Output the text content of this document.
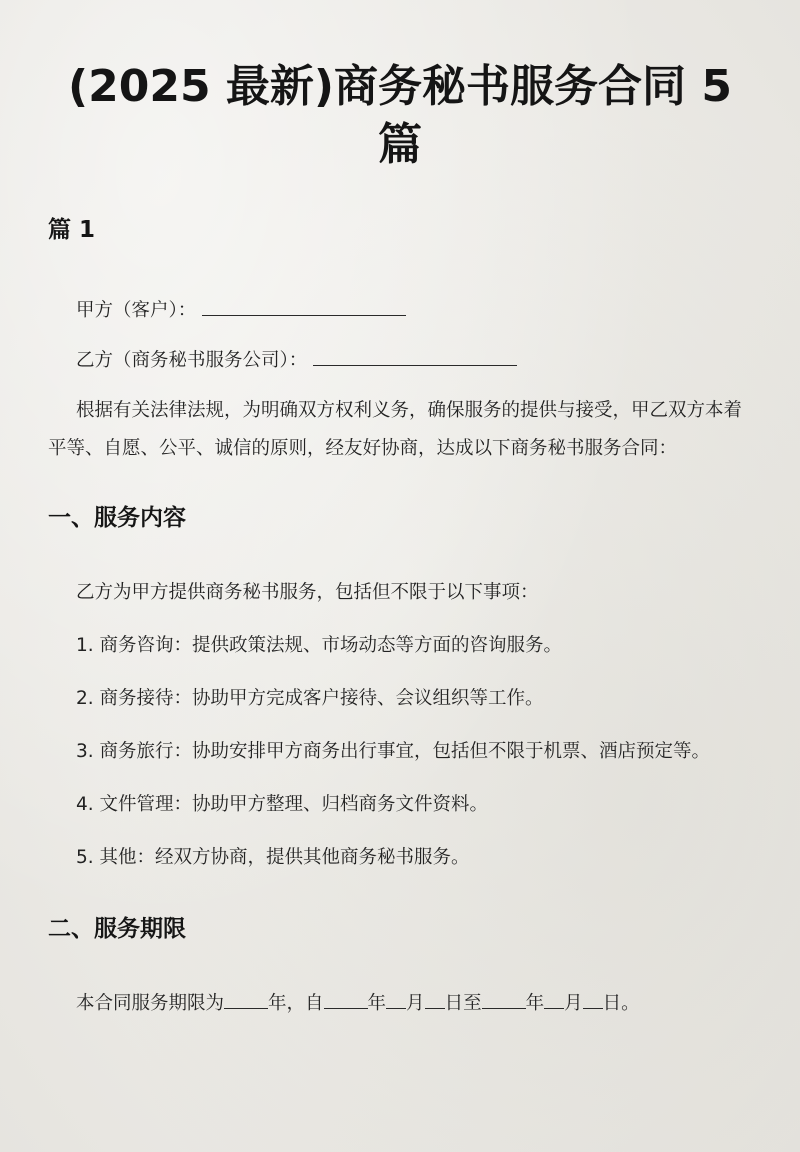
(2025 最新)商务秘书服务合同 5 篇
篇 1

甲方（客户）：

乙方（商务秘书服务公司）：

根据有关法律法规，为明确双方权利义务，确保服务的提供与接受，甲乙双方本着平等、自愿、公平、诚信的原则，经友好协商，达成以下商务秘书服务合同：

一、服务内容

乙方为甲方提供商务秘书服务，包括但不限于以下事项：

1. 商务咨询：提供政策法规、市场动态等方面的咨询服务。

2. 商务接待：协助甲方完成客户接待、会议组织等工作。

3. 商务旅行：协助安排甲方商务出行事宜，包括但不限于机票、酒店预定等。

4. 文件管理：协助甲方整理、归档商务文件资料。

5. 其他：经双方协商，提供其他商务秘书服务。

二、服务期限

本合同服务期限为 年，自 年 月 日至 年 月 日。
